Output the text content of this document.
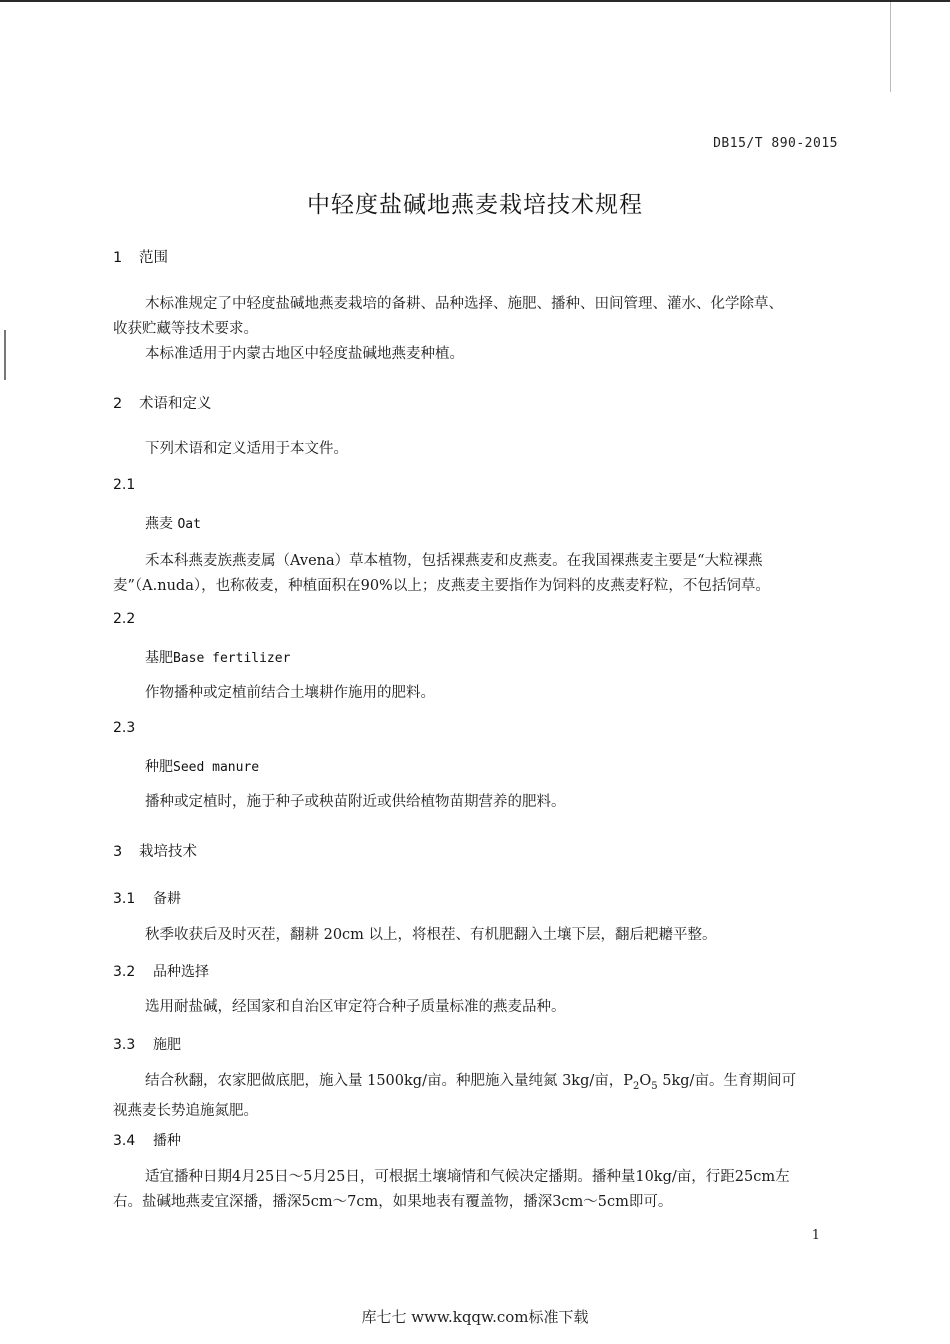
DB15/T 890-2015
中轻度盐碱地燕麦栽培技术规程
1 范围
木标准规定了中轻度盐碱地燕麦栽培的备耕、品种选择、施肥、播种、田间管理、灌水、化学除草、
收获贮藏等技术要求。
本标准适用于内蒙古地区中轻度盐碱地燕麦种植。
2 术语和定义
下列术语和定义适用于本文件。
2.1
燕麦 Oat
禾本科燕麦族燕麦属（Avena）草本植物，包括裸燕麦和皮燕麦。在我国裸燕麦主要是“大粒裸燕
麦”（A.nuda），也称莜麦，种植面积在90%以上；皮燕麦主要指作为饲料的皮燕麦籽粒，不包括饲草。
2.2
基肥Base fertilizer
作物播种或定植前结合土壤耕作施用的肥料。
2.3
种肥Seed manure
播种或定植时，施于种子或秧苗附近或供给植物苗期营养的肥料。
3 栽培技术
3.1 备耕
秋季收获后及时灭茬，翻耕 20cm 以上，将根茬、有机肥翻入土壤下层，翻后耙耱平整。
3.2 品种选择
选用耐盐碱，经国家和自治区审定符合种子质量标准的燕麦品种。
3.3 施肥
结合秋翻，农家肥做底肥，施入量 1500kg/亩。种肥施入量纯氮 3kg/亩，$P_2O_5$ 5kg/亩。生育期间可
视燕麦长势追施氮肥。
3.4 播种
适宜播种日期4月25日～5月25日，可根据土壤墒情和气候决定播期。播种量10kg/亩，行距25cm左
右。盐碱地燕麦宜深播，播深5cm～7cm，如果地表有覆盖物，播深3cm～5cm即可。
1
库七七 www.kqqw.com标准下载
